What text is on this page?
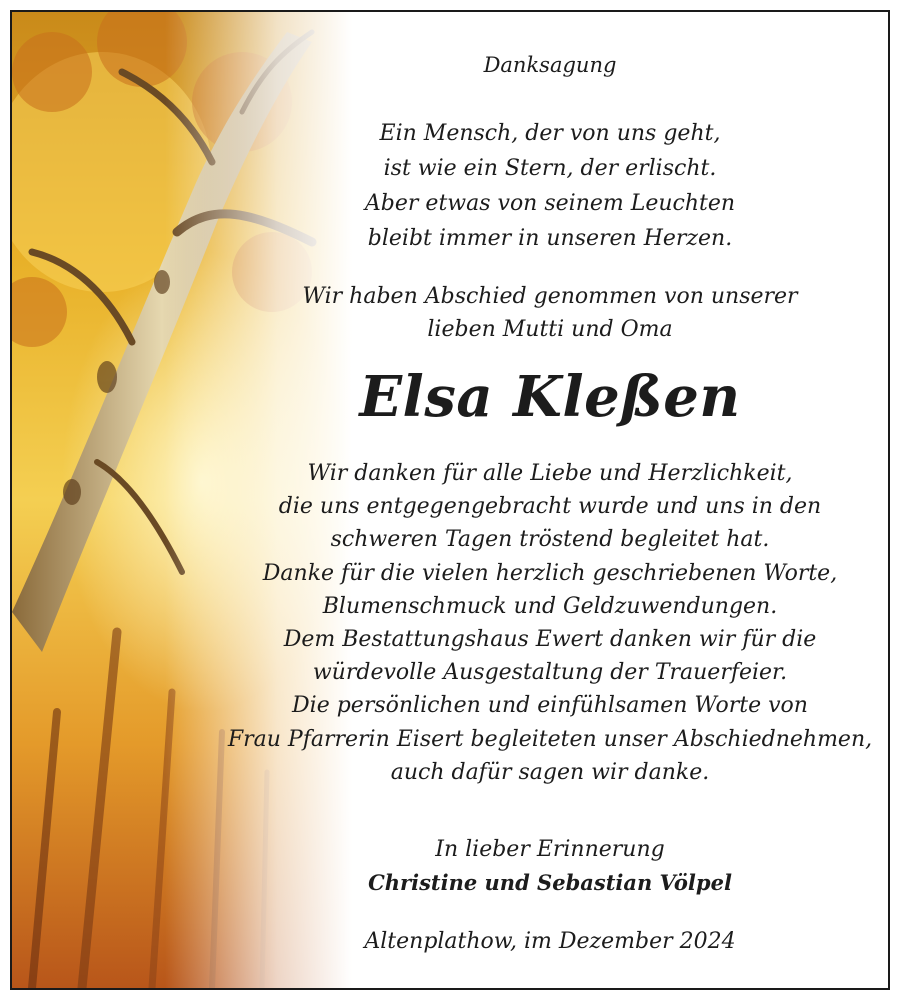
Danksagung
Ein Mensch, der von uns geht,
ist wie ein Stern, der erlischt.
Aber etwas von seinem Leuchten
bleibt immer in unseren Herzen.
Wir haben Abschied genommen von unserer
lieben Mutti und Oma
Elsa Kleßen
Wir danken für alle Liebe und Herzlichkeit,
die uns entgegengebracht wurde und uns in den
schweren Tagen tröstend begleitet hat.
Danke für die vielen herzlich geschriebenen Worte,
Blumenschmuck und Geldzuwendungen.
Dem Bestattungshaus Ewert danken wir für die
würdevolle Ausgestaltung der Trauerfeier.
Die persönlichen und einfühlsamen Worte von
Frau Pfarrerin Eisert begleiteten unser Abschiednehmen,
auch dafür sagen wir danke.
In lieber Erinnerung
Christine und Sebastian Völpel
Altenplathow, im Dezember 2024
